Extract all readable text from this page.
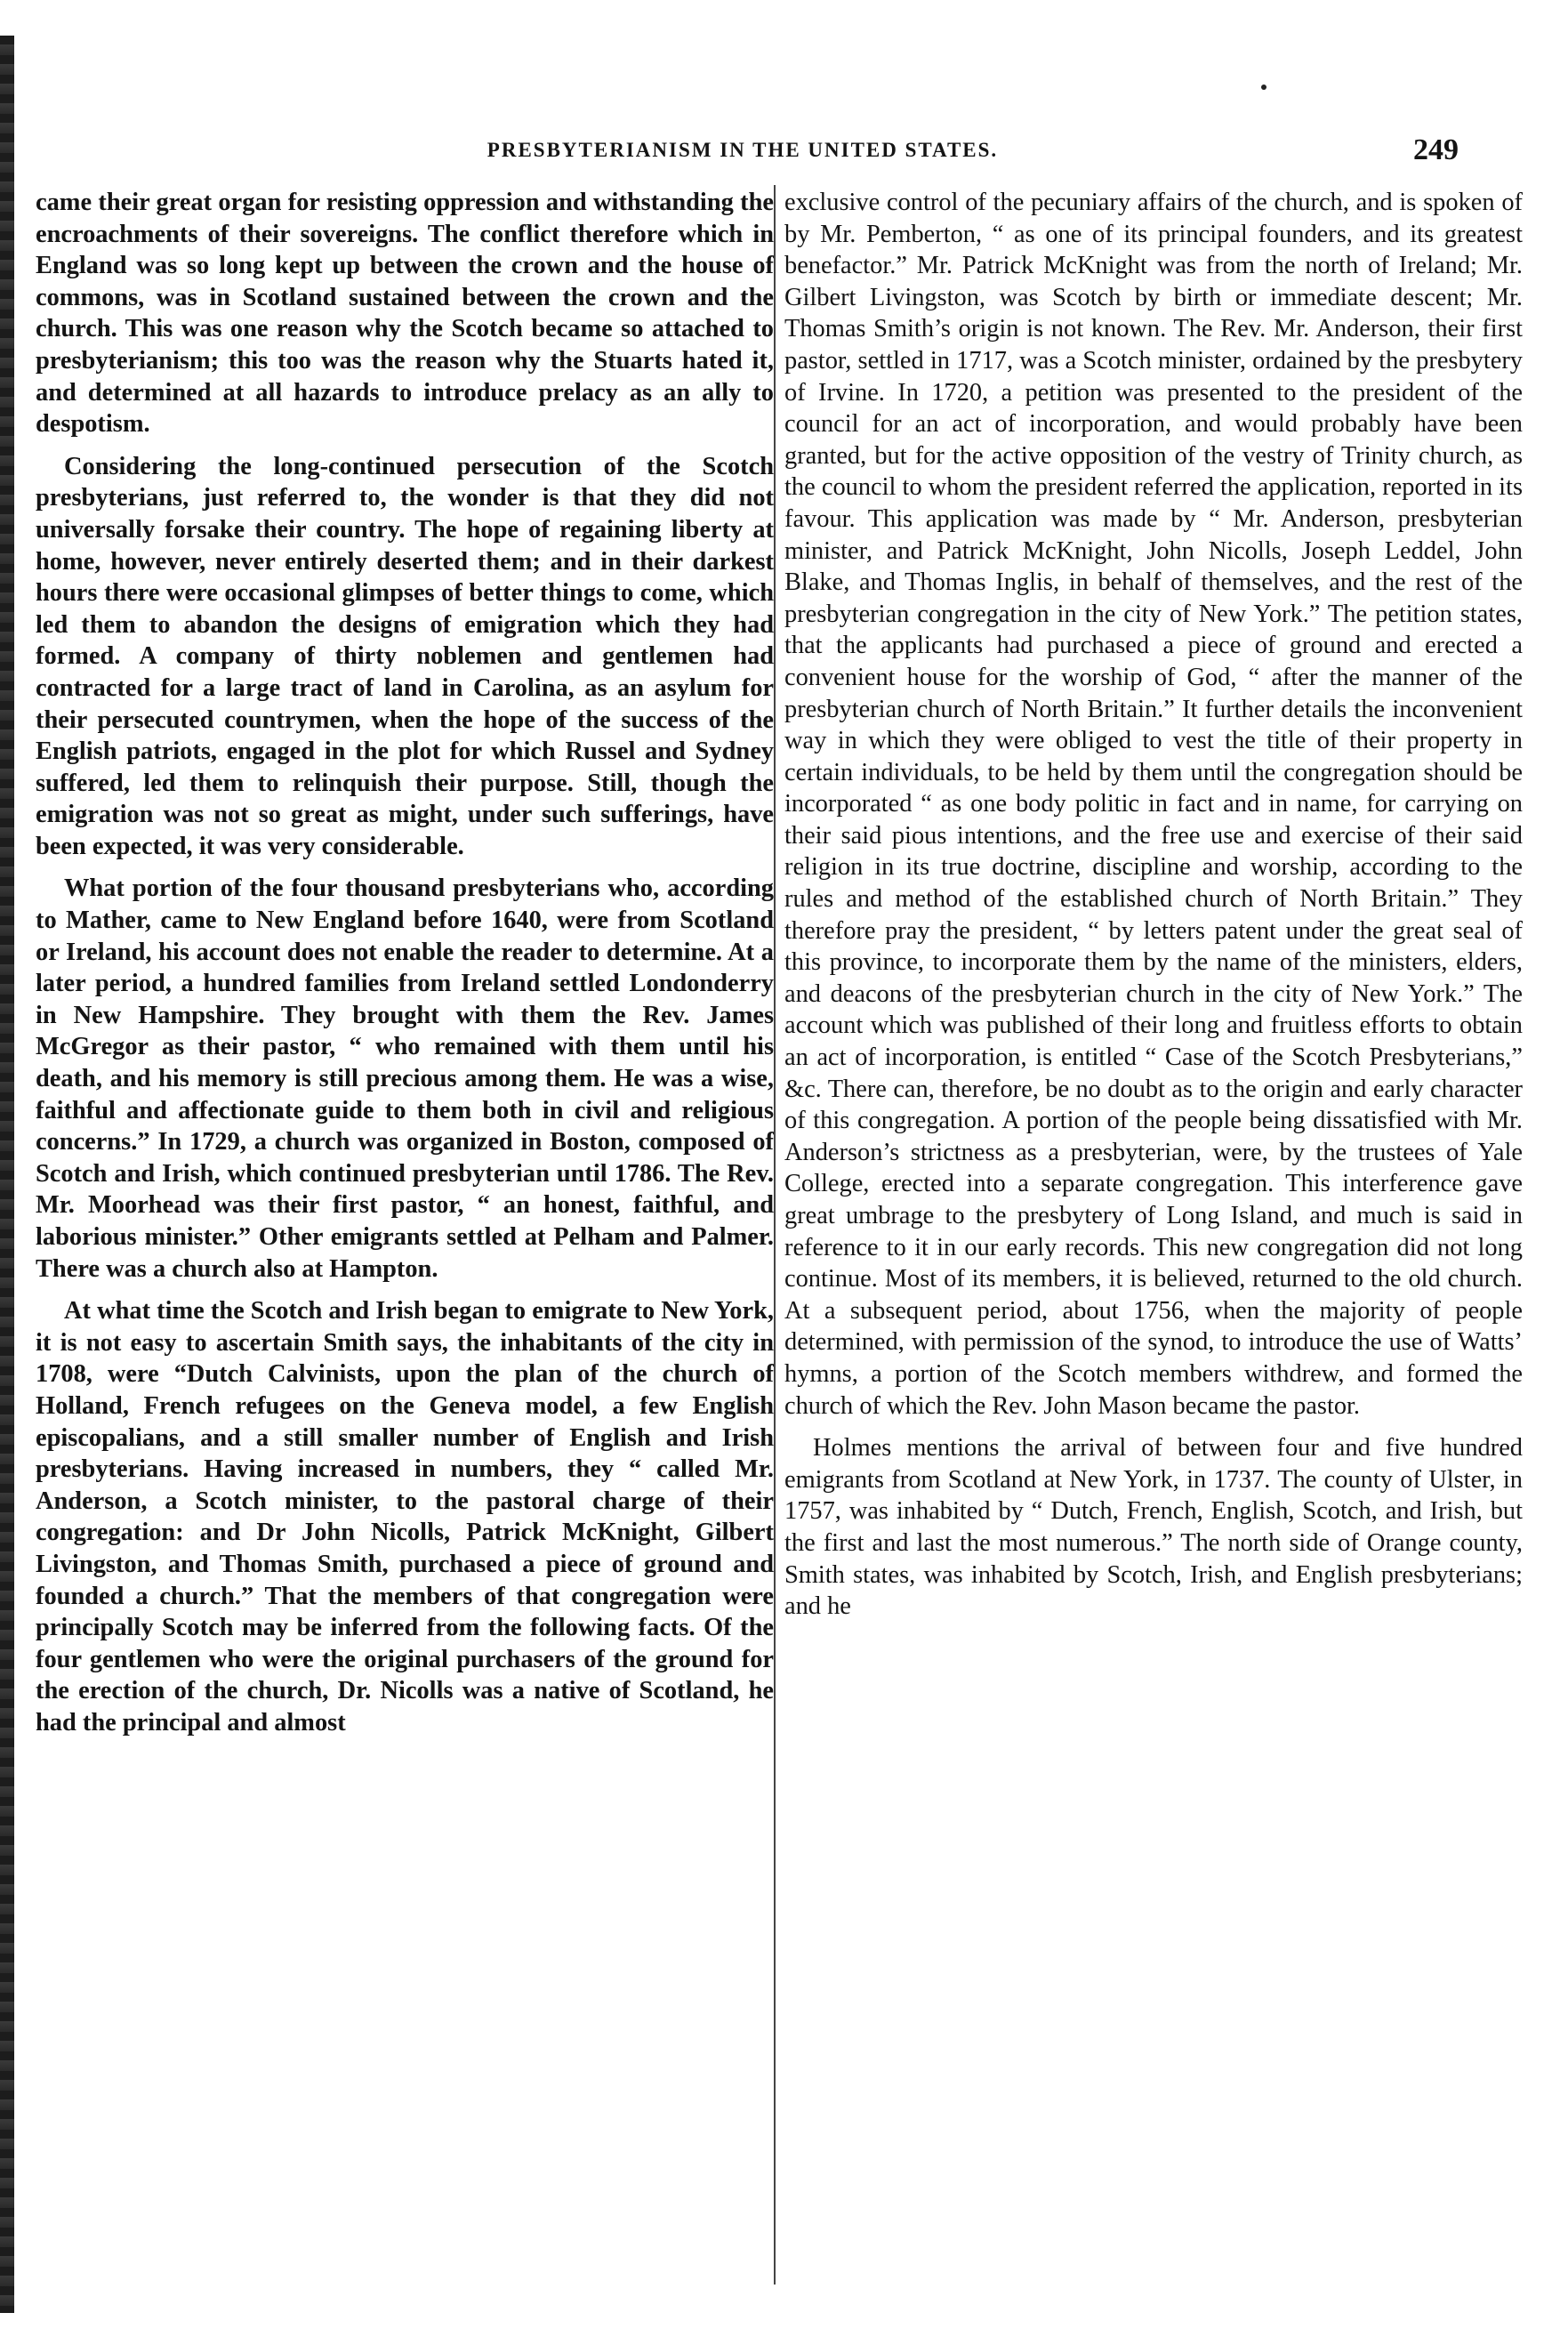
PRESBYTERIANISM IN THE UNITED STATES.	249

came their great organ for resisting oppression and withstanding the encroachments of their sovereigns. The conflict therefore which in England was so long kept up between the crown and the house of commons, was in Scotland sustained between the crown and the church. This was one reason why the Scotch became so attached to presbyterianism; this too was the reason why the Stuarts hated it, and determined at all hazards to introduce prelacy as an ally to despotism.

Considering the long-continued persecution of the Scotch presbyterians, just referred to, the wonder is that they did not universally forsake their country. The hope of regaining liberty at home, however, never entirely deserted them; and in their darkest hours there were occasional glimpses of better things to come, which led them to abandon the designs of emigration which they had formed. A company of thirty noblemen and gentlemen had contracted for a large tract of land in Carolina, as an asylum for their persecuted countrymen, when the hope of the success of the English patriots, engaged in the plot for which Russel and Sydney suffered, led them to relinquish their purpose. Still, though the emigration was not so great as might, under such sufferings, have been expected, it was very considerable.

What portion of the four thousand presbyterians who, according to Mather, came to New England before 1640, were from Scotland or Ireland, his account does not enable the reader to determine. At a later period, a hundred families from Ireland settled Londonderry in New Hampshire. They brought with them the Rev. James McGregor as their pastor, “ who remained with them until his death, and his memory is still precious among them. He was a wise, faithful and affectionate guide to them both in civil and religious concerns.” In 1729, a church was organized in Boston, composed of Scotch and Irish, which continued presbyterian until 1786. The Rev. Mr. Moorhead was their first pastor, “ an honest, faithful, and laborious minister.” Other emigrants settled at Pelham and Palmer. There was a church also at Hampton.

At what time the Scotch and Irish began to emigrate to New York, it is not easy to ascertain Smith says, the inhabitants of the city in 1708, were “Dutch Calvinists, upon the plan of the church of Holland, French refugees on the Geneva model, a few English episcopalians, and a still smaller number of English and Irish presbyterians. Having increased in numbers, they “ called Mr. Anderson, a Scotch minister, to the pastoral charge of their congregation: and Dr John Nicolls, Patrick McKnight, Gilbert Livingston, and Thomas Smith, purchased a piece of ground and founded a church.” That the members of that congregation were principally Scotch may be inferred from the following facts. Of the four gentlemen who were the original purchasers of the ground for the erection of the church, Dr. Nicolls was a native of Scotland, he had the principal and almost

exclusive control of the pecuniary affairs of the church, and is spoken of by Mr. Pemberton, “ as one of its principal founders, and its greatest benefactor.” Mr. Patrick McKnight was from the north of Ireland; Mr. Gilbert Livingston, was Scotch by birth or immediate descent; Mr. Thomas Smith’s origin is not known. The Rev. Mr. Anderson, their first pastor, settled in 1717, was a Scotch minister, ordained by the presbytery of Irvine. In 1720, a petition was presented to the president of the council for an act of incorporation, and would probably have been granted, but for the active opposition of the vestry of Trinity church, as the council to whom the president referred the application, reported in its favour. This application was made by “ Mr. Anderson, presbyterian minister, and Patrick McKnight, John Nicolls, Joseph Leddel, John Blake, and Thomas Inglis, in behalf of themselves, and the rest of the presbyterian congregation in the city of New York.” The petition states, that the applicants had purchased a piece of ground and erected a convenient house for the worship of God, “ after the manner of the presbyterian church of North Britain.” It further details the inconvenient way in which they were obliged to vest the title of their property in certain individuals, to be held by them until the congregation should be incorporated “ as one body politic in fact and in name, for carrying on their said pious intentions, and the free use and exercise of their said religion in its true doctrine, discipline and worship, according to the rules and method of the established church of North Britain.” They therefore pray the president, “ by letters patent under the great seal of this province, to incorporate them by the name of the ministers, elders, and deacons of the presbyterian church in the city of New York.” The account which was published of their long and fruitless efforts to obtain an act of incorporation, is entitled “ Case of the Scotch Presbyterians,” &c. There can, therefore, be no doubt as to the origin and early character of this congregation. A portion of the people being dissatisfied with Mr. Anderson’s strictness as a presbyterian, were, by the trustees of Yale College, erected into a separate congregation. This interference gave great umbrage to the presbytery of Long Island, and much is said in reference to it in our early records. This new congregation did not long continue. Most of its members, it is believed, returned to the old church. At a subsequent period, about 1756, when the majority of people determined, with permission of the synod, to introduce the use of Watts’ hymns, a portion of the Scotch members withdrew, and formed the church of which the Rev. John Mason became the pastor.

Holmes mentions the arrival of between four and five hundred emigrants from Scotland at New York, in 1737. The county of Ulster, in 1757, was inhabited by “ Dutch, French, English, Scotch, and Irish, but the first and last the most numerous.” The north side of Orange county, Smith states, was inhabited by Scotch, Irish, and English presbyterians; and he
